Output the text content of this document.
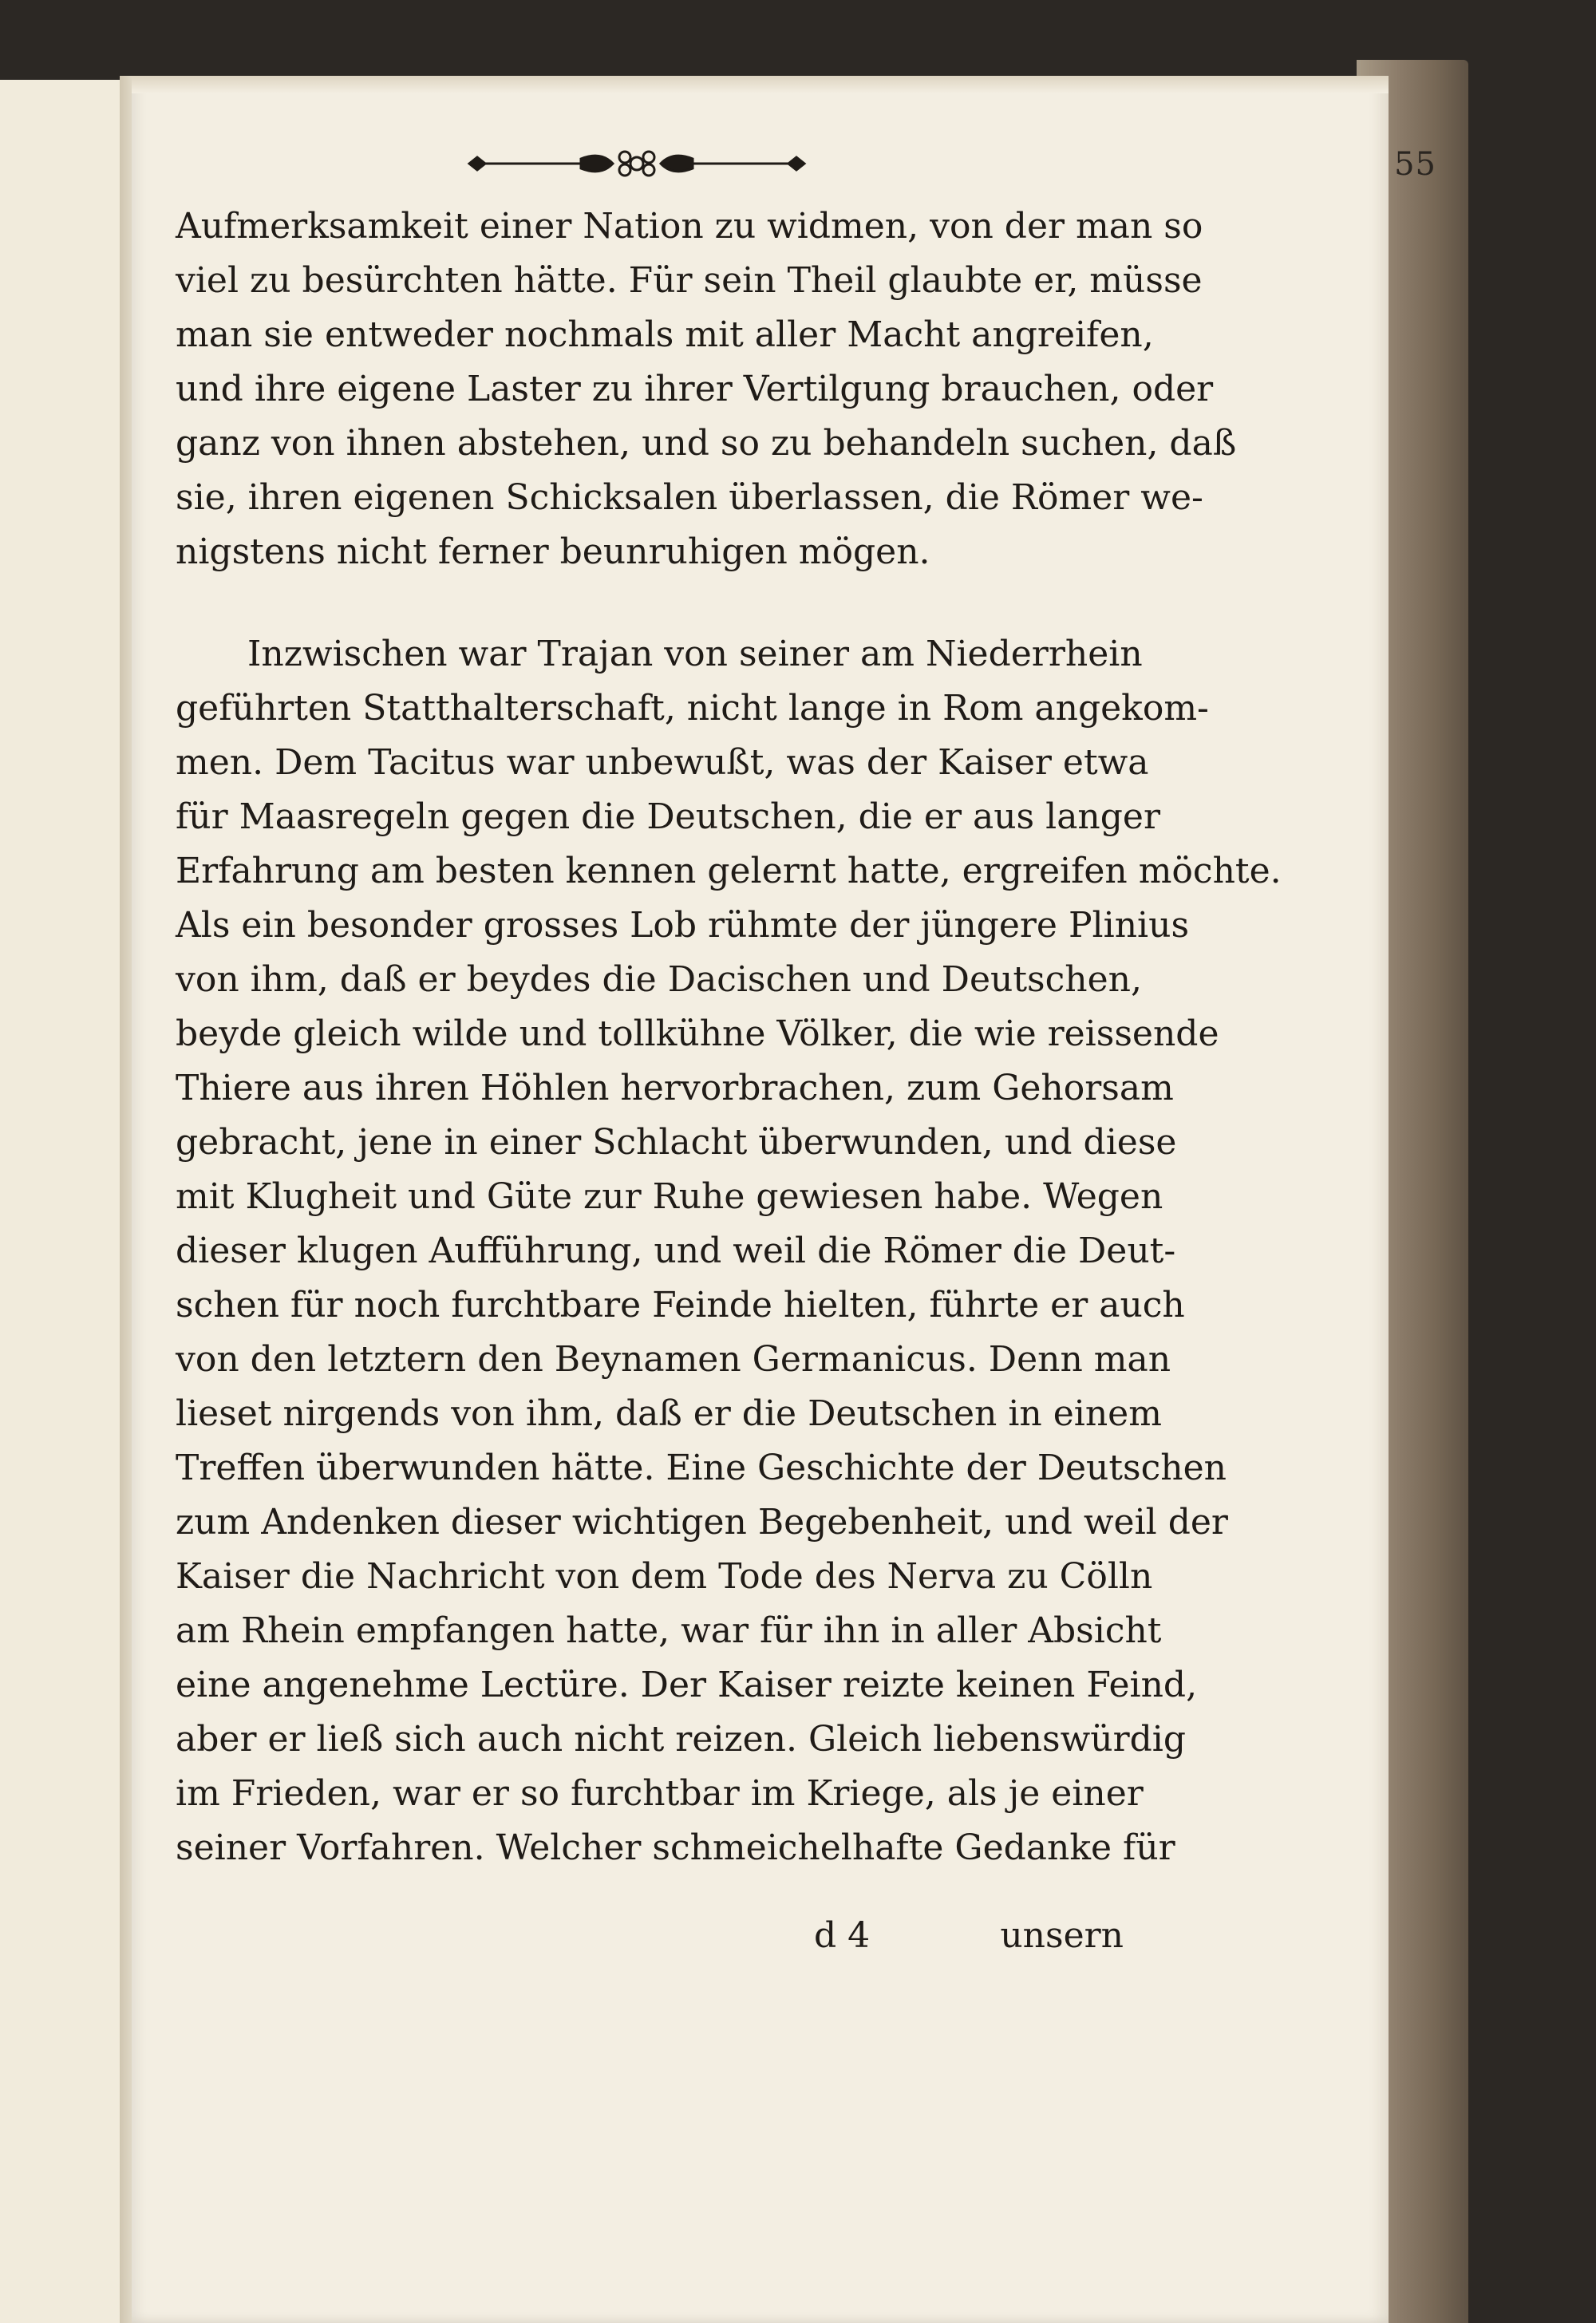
55
Aufmerksamkeit einer Nation zu widmen, von der man so
viel zu besürchten hätte. Für sein Theil glaubte er, müsse
man sie entweder nochmals mit aller Macht angreifen,
und ihre eigene Laster zu ihrer Vertilgung brauchen, oder
ganz von ihnen abstehen, und so zu behandeln suchen, daß
sie, ihren eigenen Schicksalen überlassen, die Römer we-
nigstens nicht ferner beunruhigen mögen.
Inzwischen war Trajan von seiner am Niederrhein
geführten Statthalterschaft, nicht lange in Rom angekom-
men. Dem Tacitus war unbewußt, was der Kaiser etwa
für Maasregeln gegen die Deutschen, die er aus langer
Erfahrung am besten kennen gelernt hatte, ergreifen möchte.
Als ein besonder grosses Lob rühmte der jüngere Plinius
von ihm, daß er beydes die Dacischen und Deutschen,
beyde gleich wilde und tollkühne Völker, die wie reissende
Thiere aus ihren Höhlen hervorbrachen, zum Gehorsam
gebracht, jene in einer Schlacht überwunden, und diese
mit Klugheit und Güte zur Ruhe gewiesen habe. Wegen
dieser klugen Aufführung, und weil die Römer die Deut-
schen für noch furchtbare Feinde hielten, führte er auch
von den letztern den Beynamen Germanicus. Denn man
lieset nirgends von ihm, daß er die Deutschen in einem
Treffen überwunden hätte. Eine Geschichte der Deutschen
zum Andenken dieser wichtigen Begebenheit, und weil der
Kaiser die Nachricht von dem Tode des Nerva zu Cölln
am Rhein empfangen hatte, war für ihn in aller Absicht
eine angenehme Lectüre. Der Kaiser reizte keinen Feind,
aber er ließ sich auch nicht reizen. Gleich liebenswürdig
im Frieden, war er so furchtbar im Kriege, als je einer
seiner Vorfahren. Welcher schmeichelhafte Gedanke für
d 4	unsern
